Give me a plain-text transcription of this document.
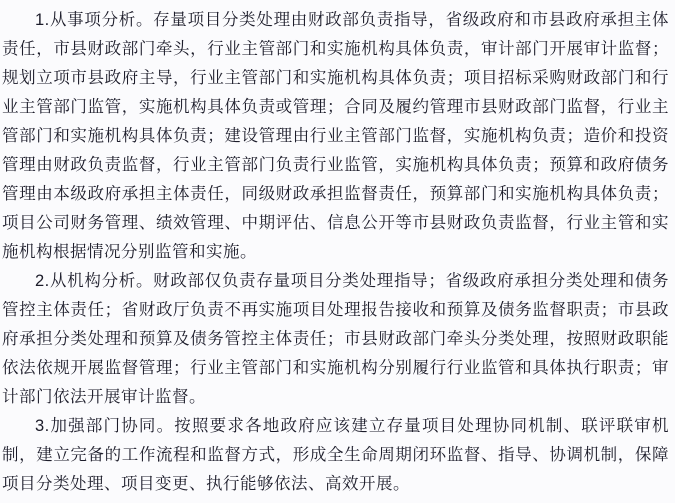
1.从事项分析。存量项目分类处理由财政部负责指导，省级政府和市县政府承担主体责任，市县财政部门牵头，行业主管部门和实施机构具体负责，审计部门开展审计监督；规划立项市县政府主导，行业主管部门和实施机构具体负责；项目招标采购财政部门和行业主管部门监管，实施机构具体负责或管理；合同及履约管理市县财政部门监督，行业主管部门和实施机构具体负责；建设管理由行业主管部门监督，实施机构负责；造价和投资管理由财政负责监督，行业主管部门负责行业监管，实施机构具体负责；预算和政府债务管理由本级政府承担主体责任，同级财政承担监督责任，预算部门和实施机构具体负责；项目公司财务管理、绩效管理、中期评估、信息公开等市县财政负责监督，行业主管和实施机构根据情况分别监管和实施。

2.从机构分析。财政部仅负责存量项目分类处理指导；省级政府承担分类处理和债务管控主体责任；省财政厅负责不再实施项目处理报告接收和预算及债务监督职责；市县政府承担分类处理和预算及债务管控主体责任；市县财政部门牵头分类处理，按照财政职能依法依规开展监督管理；行业主管部门和实施机构分别履行行业监管和具体执行职责；审计部门依法开展审计监督。

3.加强部门协同。按照要求各地政府应该建立存量项目处理协同机制、联评联审机制，建立完备的工作流程和监督方式，形成全生命周期闭环监督、指导、协调机制，保障项目分类处理、项目变更、执行能够依法、高效开展。
